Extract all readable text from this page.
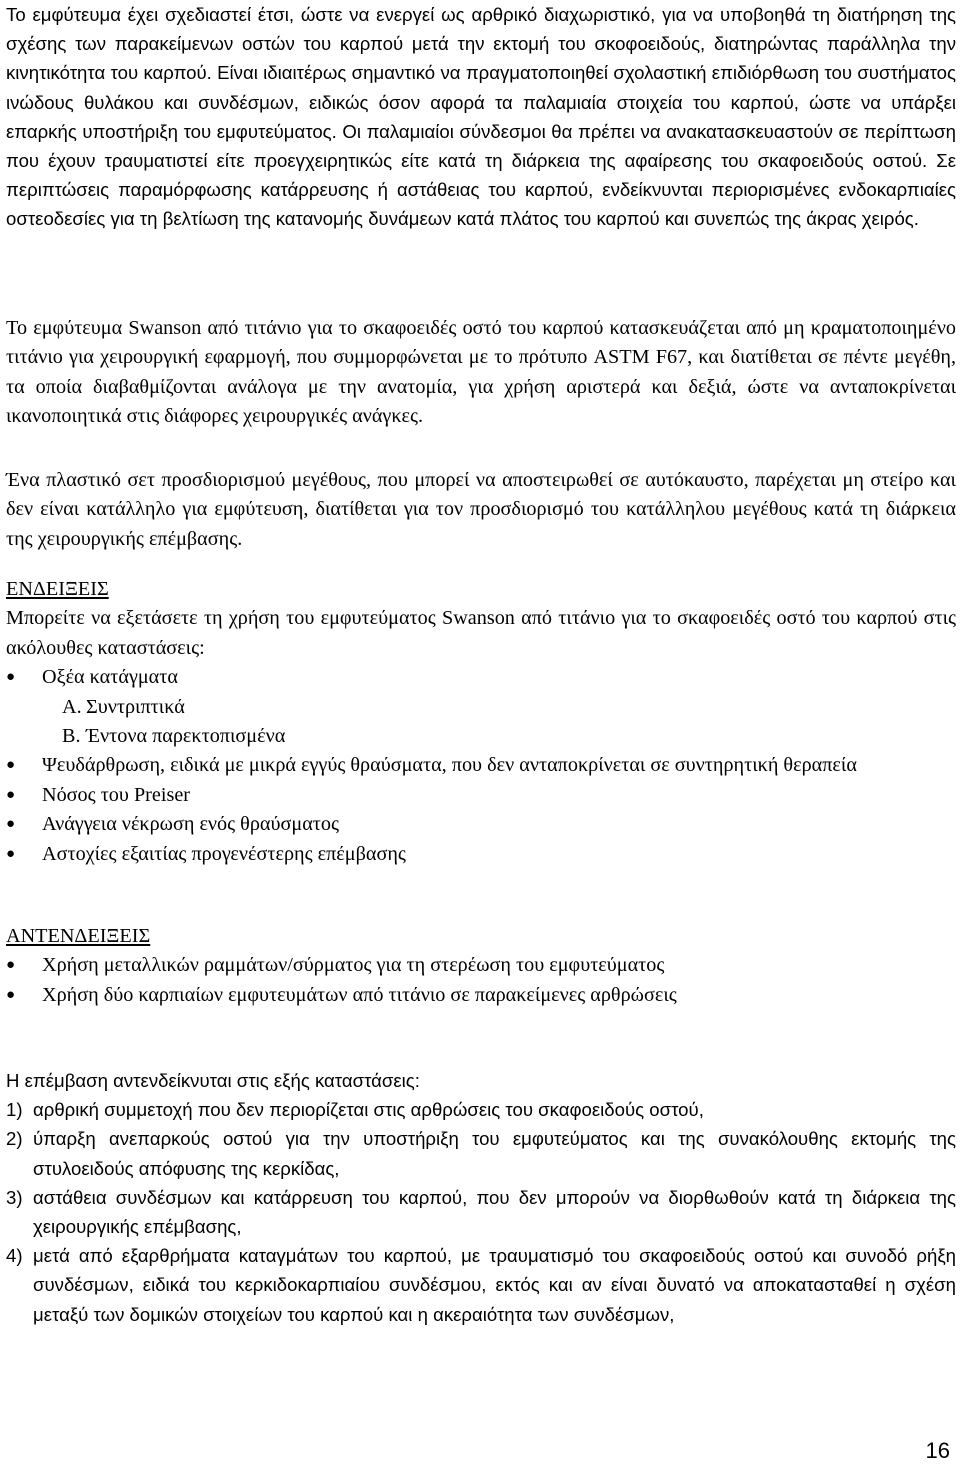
Το εμφύτευμα έχει σχεδιαστεί έτσι, ώστε να ενεργεί ως αρθρικό διαχωριστικό, για να υποβοηθά τη διατήρηση της σχέσης των παρακείμενων οστών του καρπού μετά την εκτομή του σκοφοειδούς, διατηρώντας παράλληλα την κινητικότητα του καρπού. Είναι ιδιαιτέρως σημαντικό να πραγματοποιηθεί σχολαστική επιδιόρθωση του συστήματος ινώδους θυλάκου και συνδέσμων, ειδικώς όσον αφορά τα παλαμιαία στοιχεία του καρπού, ώστε να υπάρξει επαρκής υποστήριξη του εμφυτεύματος. Οι παλαμιαίοι σύνδεσμοι θα πρέπει να ανακατασκευαστούν σε περίπτωση που έχουν τραυματιστεί είτε προεγχειρητικώς είτε κατά τη διάρκεια της αφαίρεσης του σκαφοειδούς οστού. Σε περιπτώσεις παραμόρφωσης κατάρρευσης ή αστάθειας του καρπού, ενδείκνυνται περιορισμένες ενδοκαρπιαίες οστεοδεσίες για τη βελτίωση της κατανομής δυνάμεων κατά πλάτος του καρπού και συνεπώς της άκρας χειρός.

Το εμφύτευμα Swanson από τιτάνιο για το σκαφοειδές οστό του καρπού κατασκευάζεται από μη κραματοποιημένο τιτάνιο για χειρουργική εφαρμογή, που συμμορφώνεται με το πρότυπο ASTM F67, και διατίθεται σε πέντε μεγέθη, τα οποία διαβαθμίζονται ανάλογα με την ανατομία, για χρήση αριστερά και δεξιά, ώστε να ανταποκρίνεται ικανοποιητικά στις διάφορες χειρουργικές ανάγκες.

Ένα πλαστικό σετ προσδιορισμού μεγέθους, που μπορεί να αποστειρωθεί σε αυτόκαυστο, παρέχεται μη στείρο και δεν είναι κατάλληλο για εμφύτευση, διατίθεται για τον προσδιορισμό του κατάλληλου μεγέθους κατά τη διάρκεια της χειρουργικής επέμβασης.

ΕΝΔΕΙΞΕΙΣ

Μπορείτε να εξετάσετε τη χρήση του εμφυτεύματος Swanson από τιτάνιο για το σκαφοειδές οστό του καρπού στις ακόλουθες καταστάσεις:

● Οξέα κατάγματα
A. Συντριπτικά
B. Έντονα παρεκτοπισμένα
● Ψευδάρθρωση, ειδικά με μικρά εγγύς θραύσματα, που δεν ανταποκρίνεται σε συντηρητική θεραπεία
● Νόσος του Preiser
● Ανάγγεια νέκρωση ενός θραύσματος
● Αστοχίες εξαιτίας προγενέστερης επέμβασης
ΑΝΤΕΝΔΕΙΞΕΙΣ
● Χρήση μεταλλικών ραμμάτων/σύρματος για τη στερέωση του εμφυτεύματος
● Χρήση δύο καρπιαίων εμφυτευμάτων από τιτάνιο σε παρακείμενες αρθρώσεις

Η επέμβαση αντενδείκνυται στις εξής καταστάσεις:

1) αρθρική συμμετοχή που δεν περιορίζεται στις αρθρώσεις του σκαφοειδούς οστού,
2) ύπαρξη ανεπαρκούς οστού για την υποστήριξη του εμφυτεύματος και της συνακόλουθης εκτομής της στυλοειδούς απόφυσης της κερκίδας,
3) αστάθεια συνδέσμων και κατάρρευση του καρπού, που δεν μπορούν να διορθωθούν κατά τη διάρκεια της χειρουργικής επέμβασης,
4) μετά από εξαρθρήματα καταγμάτων του καρπού, με τραυματισμό του σκαφοειδούς οστού και συνοδό ρήξη συνδέσμων, ειδικά του κερκιδοκαρπιαίου συνδέσμου, εκτός και αν είναι δυνατό να αποκατασταθεί η σχέση μεταξύ των δομικών στοιχείων του καρπού και η ακεραιότητα των συνδέσμων,
16
